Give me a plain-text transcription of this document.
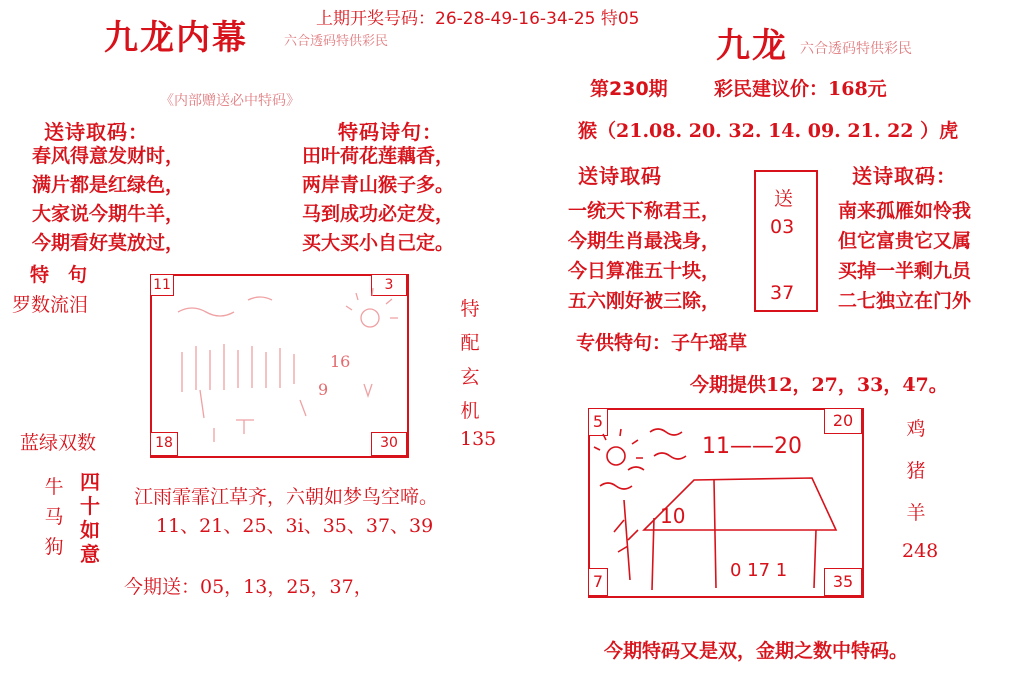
九龙内幕	上期开奖号码：26-28-49-16-34-25 特05
六合透码特供彩民
《内部赠送必中特码》
送诗取码：
春风得意发财时，
满片都是红绿色，
大家说今期牛羊，
今期看好莫放过，
特码诗句：
田叶荷花莲藕香，
两岸青山猴子多。
马到成功必定发，
买大买小自己定。
特　句
罗数流泪
蓝绿双数
11	3
18	30
16
9
特
配
玄
机
135
牛
马
狗
四
十
如
意
江雨霏霏江草齐，六朝如梦鸟空啼。
11、21、25、3i、35、37、39
今期送：05，13，25，37，
九龙 六合透码特供彩民
第230期 彩民建议价：168元
猴（21.08. 20. 32. 14. 09. 21. 22 ）虎
送诗取码
一统天下称君王，
今期生肖最浅身，
今日算准五十块，
五六刚好被三除，
送
03
37
送诗取码：
南来孤雁如怜我
但它富贵它又属
买掉一半剩九员
二七独立在门外
专供特句：子午瑶草
今期提供12，27，33，47。
5	20
7	35
11——20
10
0 17 1
鸡
猪
羊
248
今期特码又是双，金期之数中特码。
